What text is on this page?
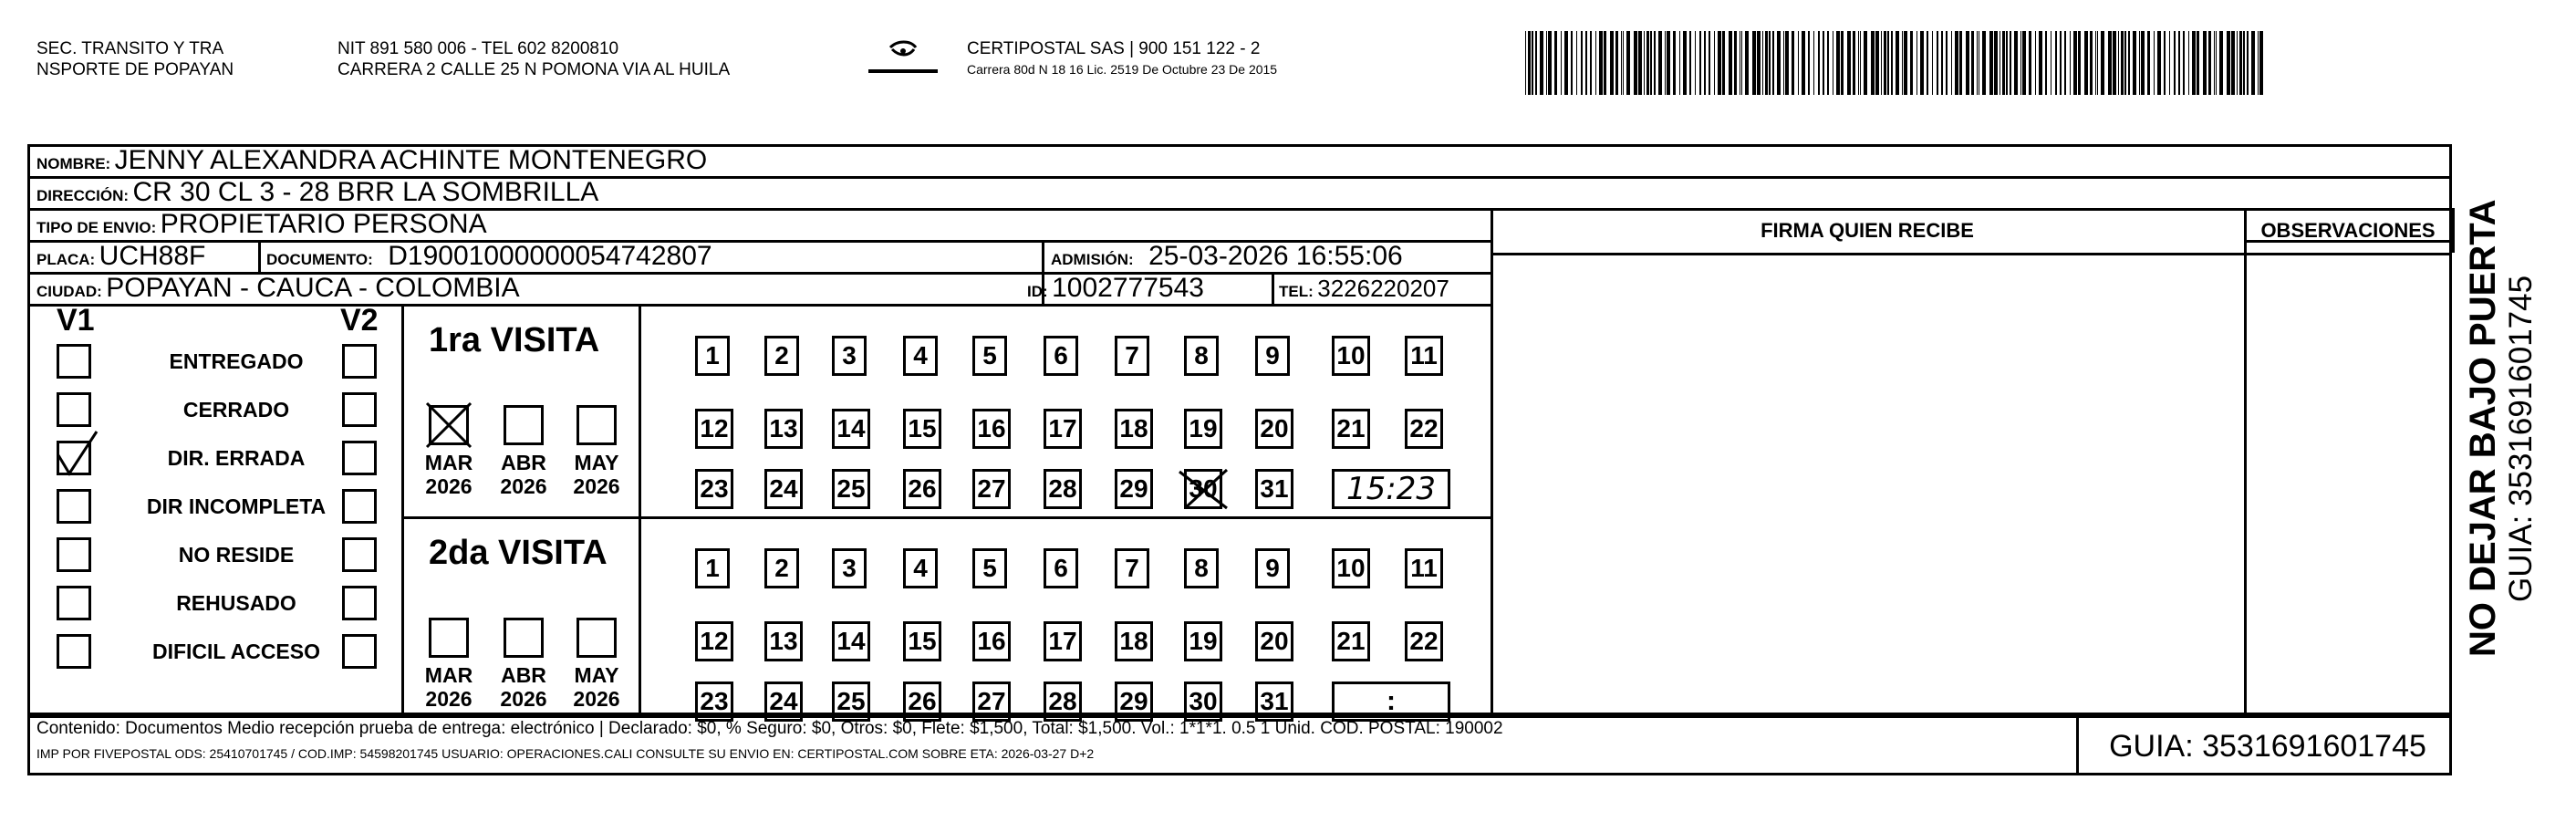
SEC. TRANSITO Y TRA
NSPORTE DE POPAYAN
NIT 891 580 006 - TEL 602 8200810
CARRERA 2 CALLE 25 N POMONA VIA AL HUILA
CERTIPOSTAL SAS | 900 151 122 - 2
Carrera 80d N 18 16 Lic. 2519 De Octubre 23 De 2015
NOMBRE: JENNY ALEXANDRA ACHINTE MONTENEGRO
DIRECCIÓN: CR 30 CL 3 - 28 BRR LA SOMBRILLA
TIPO DE ENVIO: PROPIETARIO PERSONA
PLACA: UCH88F	DOCUMENTO: D19001000000054742807	ADMISIÓN: 25-03-2026 16:55:06
CIUDAD: POPAYAN - CAUCA - COLOMBIA	ID: 1002777543	TEL: 3226220207
FIRMA QUIEN RECIBE	OBSERVACIONES
V1	V2
ENTREGADO
CERRADO
DIR. ERRADA
DIR INCOMPLETA
NO RESIDE
REHUSADO
DIFICIL ACCESO
1ra VISITA
MAR
2026
ABR
2026
MAY
2026
1	2	3	4	5	6	7	8	9	10 11
12 13 14 15 16 17 18 19 20 21 22
23 24 25 26 27 28 29 30 31	15:23
2da VISITA
MAR
2026
ABR
2026
MAY
2026
1	2	3	4	5	6	7	8	9	10 11
12 13 14 15 16 17 18 19 20 21 22
23 24 25 26 27 28 29 30 31	:
NO DEJAR BAJO PUERTA GUIA: 3531691601745
Contenido: Documentos Medio recepción prueba de entrega: electrónico | Declarado: $0, % Seguro: $0, Otros: $0, Flete: $1,500, Total: $1,500. Vol.: 1*1*1. 0.5 1 Unid. COD. POSTAL: 190002
IMP POR FIVEPOSTAL ODS: 25410701745 / COD.IMP: 54598201745 USUARIO: OPERACIONES.CALI CONSULTE SU ENVIO EN: CERTIPOSTAL.COM SOBRE ETA: 2026-03-27 D+2	GUIA: 3531691601745
